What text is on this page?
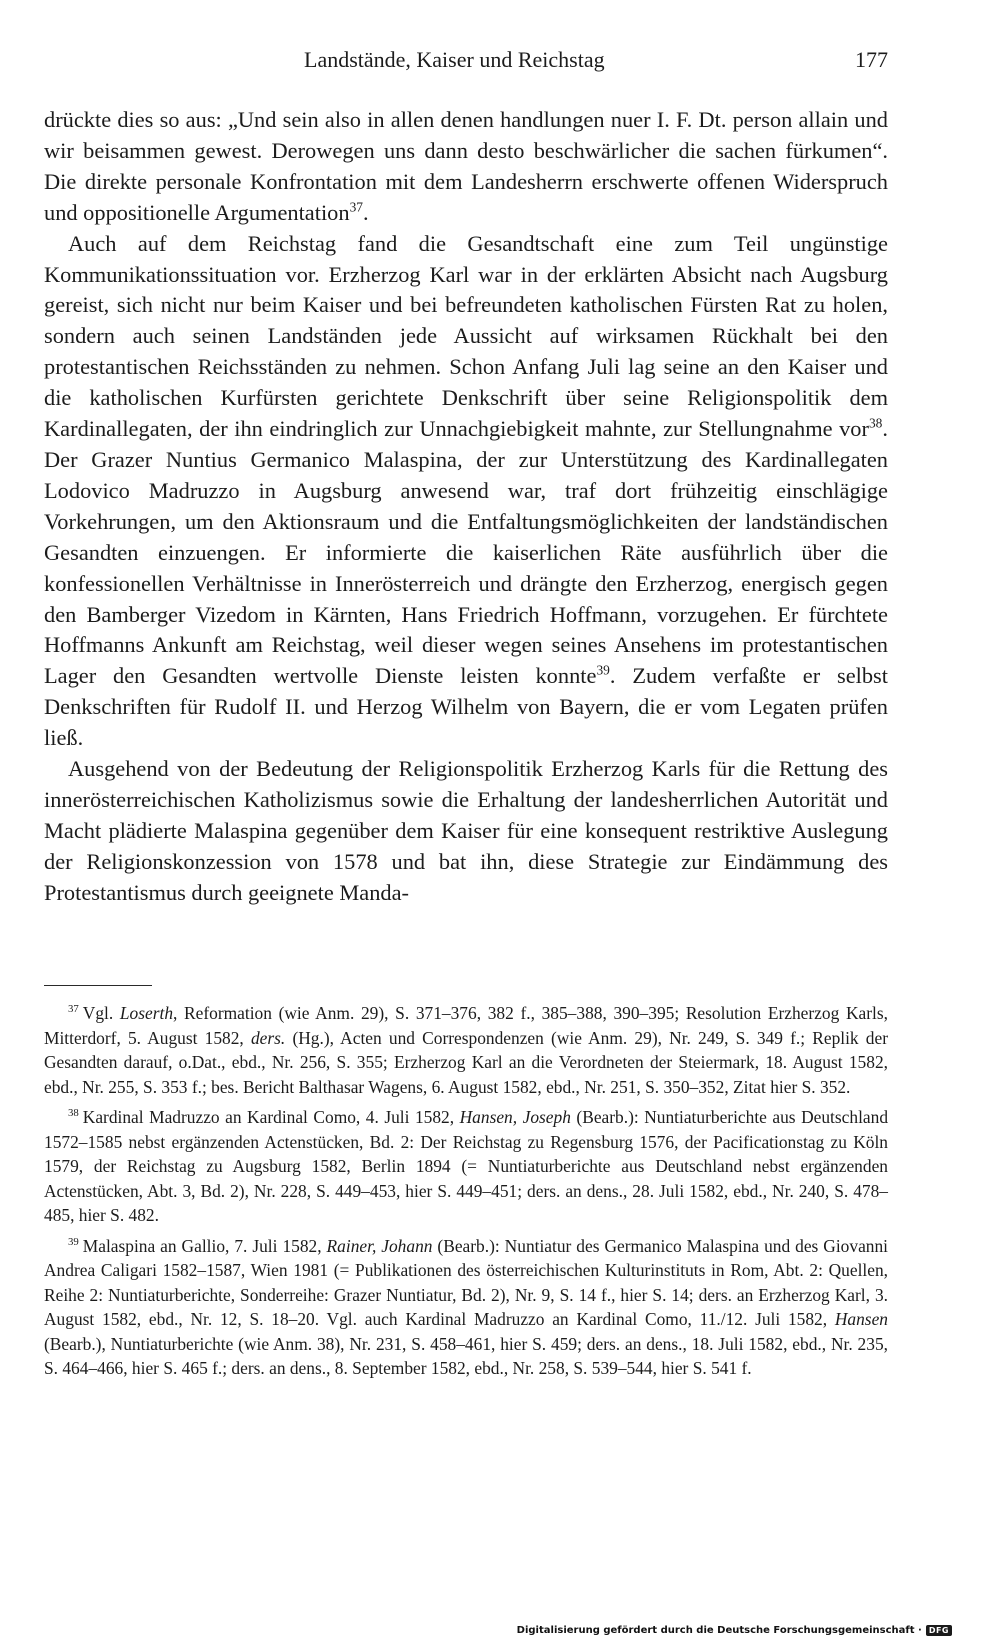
Landstände, Kaiser und Reichstag	177

drückte dies so aus: „Und sein also in allen denen handlungen nuer I. F. Dt. person allain und wir beisammen gewest. Derowegen uns dann desto beschwärlicher die sachen fürkumen“. Die direkte personale Konfrontation mit dem Landesherrn erschwerte offenen Widerspruch und oppositionelle Argumentation$^{37}$.

Auch auf dem Reichstag fand die Gesandtschaft eine zum Teil ungünstige Kommunikationssituation vor. Erzherzog Karl war in der erklärten Absicht nach Augsburg gereist, sich nicht nur beim Kaiser und bei befreundeten katholischen Fürsten Rat zu holen, sondern auch seinen Landständen jede Aussicht auf wirksamen Rückhalt bei den protestantischen Reichsständen zu nehmen. Schon Anfang Juli lag seine an den Kaiser und die katholischen Kurfürsten gerichtete Denkschrift über seine Religionspolitik dem Kardinallegaten, der ihn eindringlich zur Unnachgiebigkeit mahnte, zur Stellungnahme vor$^{38}$. Der Grazer Nuntius Germanico Malaspina, der zur Unterstützung des Kardinallegaten Lodovico Madruzzo in Augsburg anwesend war, traf dort frühzeitig einschlägige Vorkehrungen, um den Aktionsraum und die Entfaltungsmöglichkeiten der landständischen Gesandten einzuengen. Er informierte die kaiserlichen Räte ausführlich über die konfessionellen Verhältnisse in Innerösterreich und drängte den Erzherzog, energisch gegen den Bamberger Vizedom in Kärnten, Hans Friedrich Hoffmann, vorzugehen. Er fürchtete Hoffmanns Ankunft am Reichstag, weil dieser wegen seines Ansehens im protestantischen Lager den Gesandten wertvolle Dienste leisten konnte$^{39}$. Zudem verfaßte er selbst Denkschriften für Rudolf II. und Herzog Wilhelm von Bayern, die er vom Legaten prüfen ließ.

Ausgehend von der Bedeutung der Religionspolitik Erzherzog Karls für die Rettung des innerösterreichischen Katholizismus sowie die Erhaltung der landesherrlichen Autorität und Macht plädierte Malaspina gegenüber dem Kaiser für eine konsequent restriktive Auslegung der Religionskonzession von 1578 und bat ihn, diese Strategie zur Eindämmung des Protestantismus durch geeignete Manda-

$^{37}$ Vgl. Loserth, Reformation (wie Anm. 29), S. 371–376, 382 f., 385–388, 390–395; Resolution Erzherzog Karls, Mitterdorf, 5. August 1582, ders. (Hg.), Acten und Correspondenzen (wie Anm. 29), Nr. 249, S. 349 f.; Replik der Gesandten darauf, o.Dat., ebd., Nr. 256, S. 355; Erzherzog Karl an die Verordneten der Steiermark, 18. August 1582, ebd., Nr. 255, S. 353 f.; bes. Bericht Balthasar Wagens, 6. August 1582, ebd., Nr. 251, S. 350–352, Zitat hier S. 352.

$^{38}$ Kardinal Madruzzo an Kardinal Como, 4. Juli 1582, Hansen, Joseph (Bearb.): Nuntiaturberichte aus Deutschland 1572–1585 nebst ergänzenden Actenstücken, Bd. 2: Der Reichstag zu Regensburg 1576, der Pacificationstag zu Köln 1579, der Reichstag zu Augsburg 1582, Berlin 1894 (= Nuntiaturberichte aus Deutschland nebst ergänzenden Actenstücken, Abt. 3, Bd. 2), Nr. 228, S. 449–453, hier S. 449–451; ders. an dens., 28. Juli 1582, ebd., Nr. 240, S. 478–485, hier S. 482.

$^{39}$ Malaspina an Gallio, 7. Juli 1582, Rainer, Johann (Bearb.): Nuntiatur des Germanico Malaspina und des Giovanni Andrea Caligari 1582–1587, Wien 1981 (= Publikationen des österreichischen Kulturinstituts in Rom, Abt. 2: Quellen, Reihe 2: Nuntiaturberichte, Sonderreihe: Grazer Nuntiatur, Bd. 2), Nr. 9, S. 14 f., hier S. 14; ders. an Erzherzog Karl, 3. August 1582, ebd., Nr. 12, S. 18–20. Vgl. auch Kardinal Madruzzo an Kardinal Como, 11./12. Juli 1582, Hansen (Bearb.), Nuntiaturberichte (wie Anm. 38), Nr. 231, S. 458–461, hier S. 459; ders. an dens., 18. Juli 1582, ebd., Nr. 235, S. 464–466, hier S. 465 f.; ders. an dens., 8. September 1582, ebd., Nr. 258, S. 539–544, hier S. 541 f.

Digitalisierung gefördert durch die Deutsche Forschungsgemeinschaft · DFG
